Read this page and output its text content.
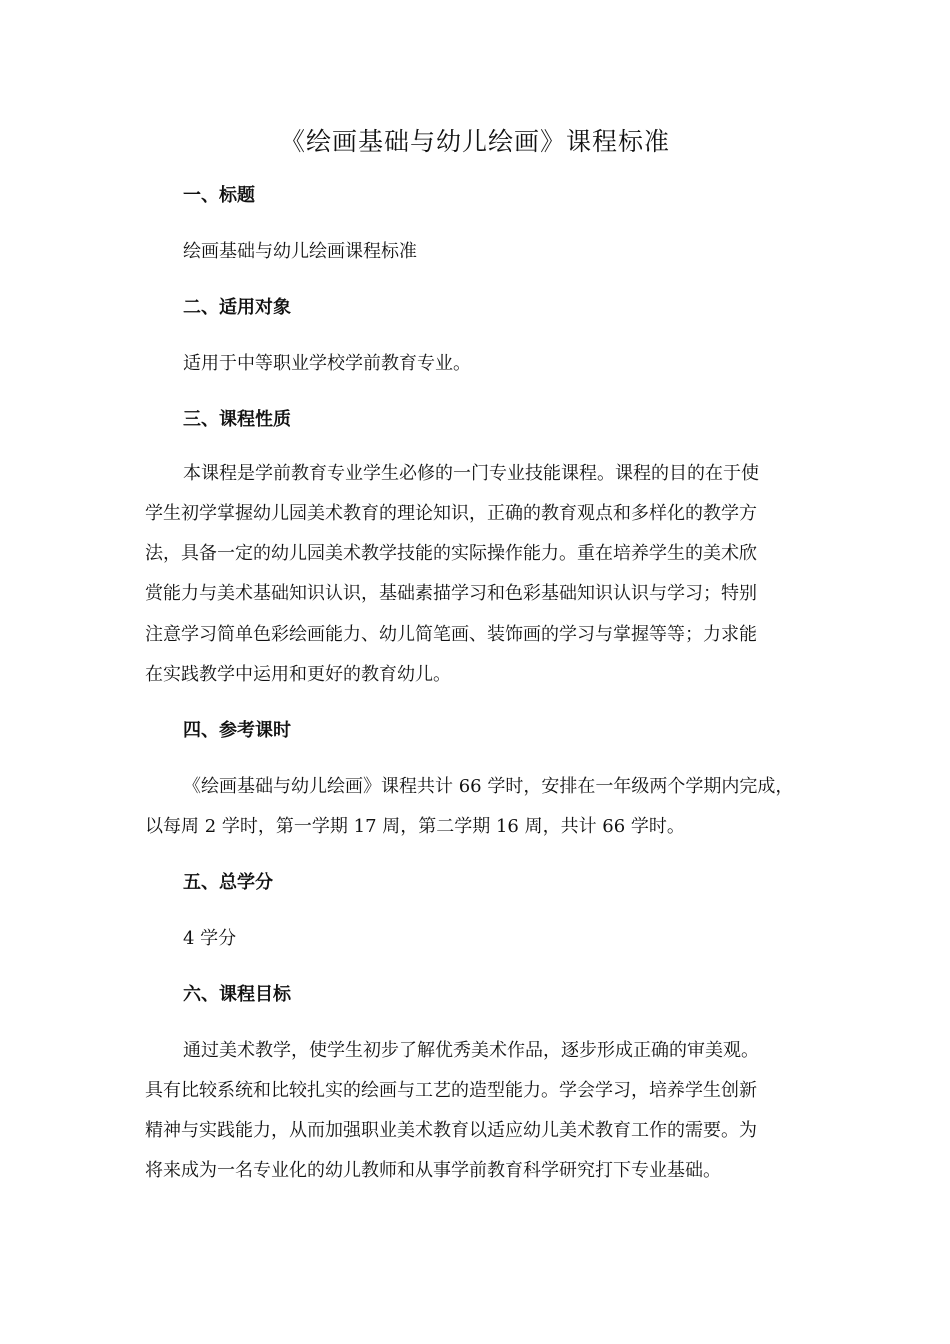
《绘画基础与幼儿绘画》课程标准
一、标题
绘画基础与幼儿绘画课程标准
二、适用对象
适用于中等职业学校学前教育专业。
三、课程性质
本课程是学前教育专业学生必修的一门专业技能课程。课程的目的在于使
学生初学掌握幼儿园美术教育的理论知识，正确的教育观点和多样化的教学方
法，具备一定的幼儿园美术教学技能的实际操作能力。重在培养学生的美术欣
赏能力与美术基础知识认识，基础素描学习和色彩基础知识认识与学习；特别
注意学习简单色彩绘画能力、幼儿简笔画、装饰画的学习与掌握等等；力求能
在实践教学中运用和更好的教育幼儿。
四、参考课时
《绘画基础与幼儿绘画》课程共计 66 学时，安排在一年级两个学期内完成，
以每周 2 学时，第一学期 17 周，第二学期 16 周，共计 66 学时。
五、总学分
4 学分
六、课程目标
通过美术教学，使学生初步了解优秀美术作品，逐步形成正确的审美观。
具有比较系统和比较扎实的绘画与工艺的造型能力。学会学习，培养学生创新
精神与实践能力，从而加强职业美术教育以适应幼儿美术教育工作的需要。为
将来成为一名专业化的幼儿教师和从事学前教育科学研究打下专业基础。
